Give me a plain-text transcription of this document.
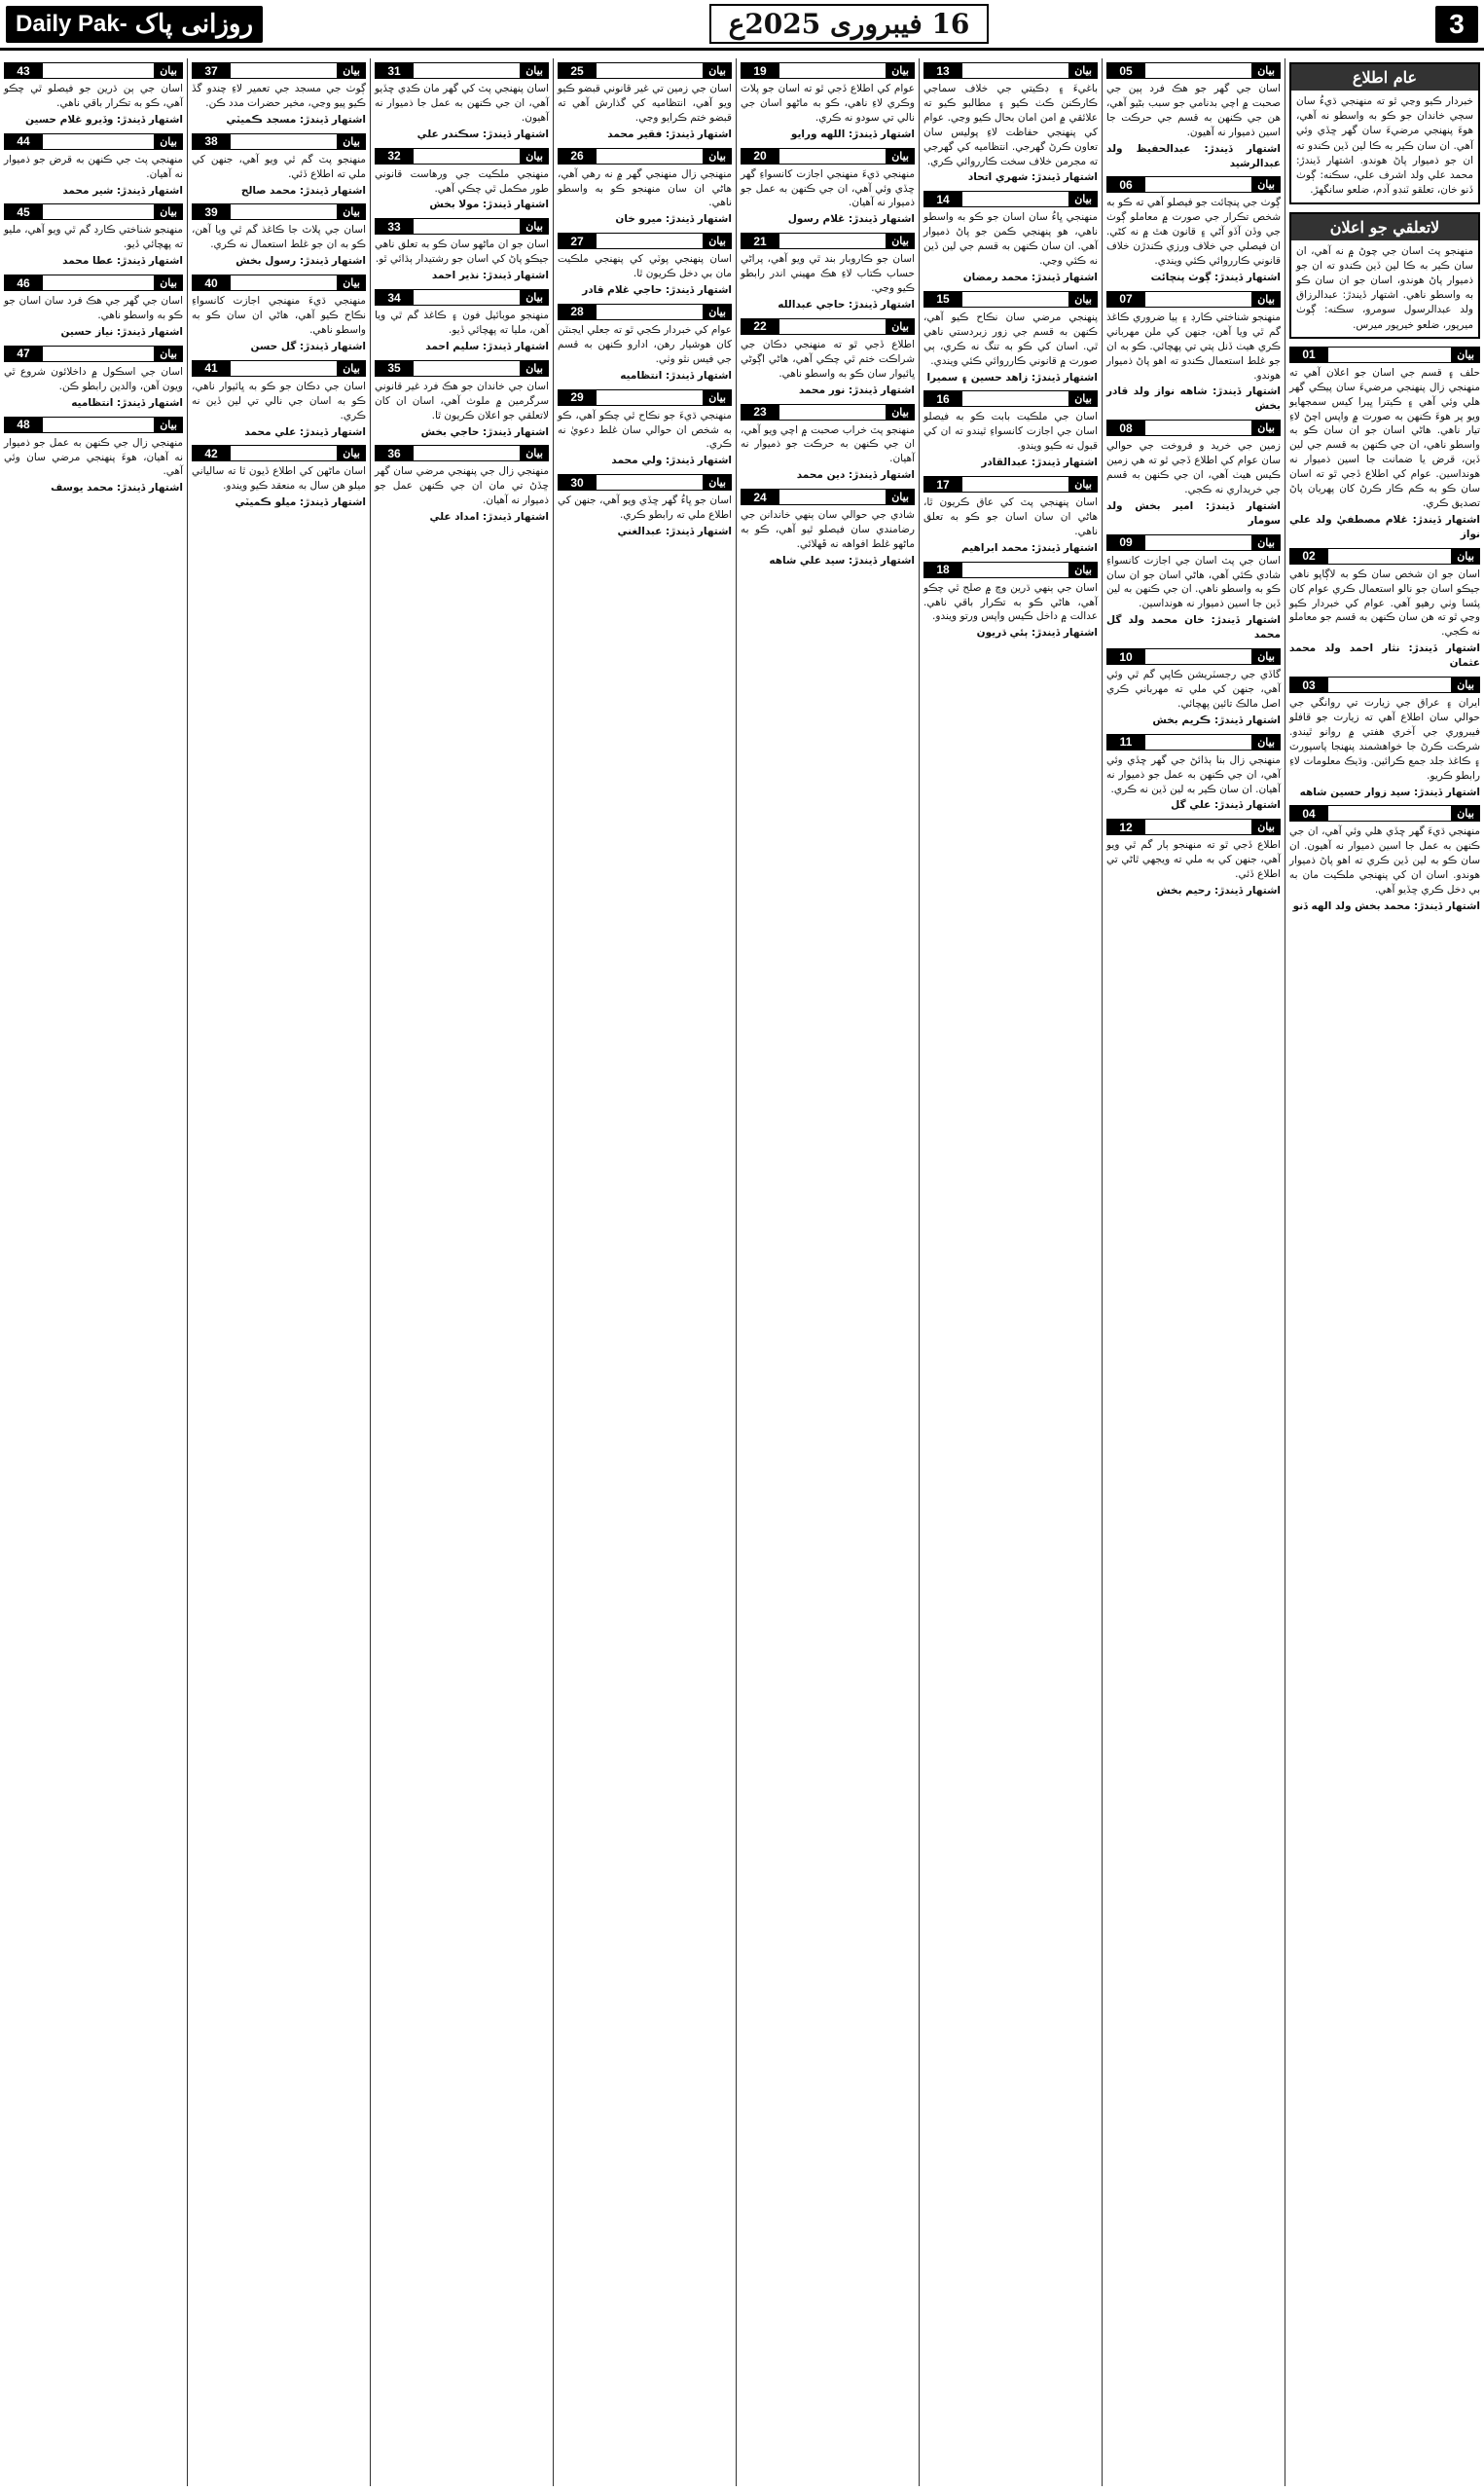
3
16 فیبروری 2025ع
Daily Pak- روزانی پاک
عام اطلاع
خبردار ڪيو وڃي ٿو ته منهنجي ڌيءُ سان سڄي خاندان جو ڪو به واسطو نه آهي، هوءَ پنهنجي مرضيءَ سان گهر ڇڏي وئي آهي. ان سان ڪير به ڪا لين ڏين ڪندو ته ان جو ذميوار پاڻ هوندو. اشتهار ڏيندڙ: محمد علي ولد اشرف علي، سڪنه: ڳوٺ ڏنو خان، تعلقو ٽنڊو آدم، ضلعو سانگهڙ.
لاتعلقي جو اعلان
منهنجو پٽ اسان جي چوڻ ۾ نه آهي، ان سان ڪير به ڪا لين ڏين ڪندو ته ان جو ذميوار پاڻ هوندو، اسان جو ان سان ڪو به واسطو ناهي. اشتهار ڏيندڙ: عبدالرزاق ولد عبدالرسول سومرو، سڪنه: ڳوٺ ميرپور، ضلعو خيرپور ميرس.
01	بيان

حلف ۽ قسم جي اسان جو اعلان آهي ته منهنجي زال پنهنجي مرضيءَ سان پيڪي گهر هلي وئي آهي ۽ ڪيترا ڀيرا کيس سمجهايو ويو پر هوءَ ڪنهن به صورت ۾ واپس اچڻ لاءِ تيار ناهي. هاڻي اسان جو ان سان ڪو به واسطو ناهي، ان جي ڪنهن به قسم جي لين ڏين، قرض يا ضمانت جا اسين ذميوار نه هونداسين. عوام کي اطلاع ڏجي ٿو ته اسان سان ڪو به ڪم ڪار ڪرڻ کان پهريان پاڻ تصديق ڪري.
اشتهار ڏيندڙ: غلام مصطفيٰ ولد علي نواز

02	بيان

اسان جو ان شخص سان ڪو به لاڳاپو ناهي جيڪو اسان جو نالو استعمال ڪري عوام کان پئسا وٺي رهيو آهي. عوام کي خبردار ڪيو وڃي ٿو ته هن سان ڪنهن به قسم جو معاملو نه ڪجي.
اشتهار ڏيندڙ: نثار احمد ولد محمد عثمان

03	بيان

ايران ۽ عراق جي زيارت تي روانگي جي حوالي سان اطلاع آهي ته زيارت جو قافلو فيبروري جي آخري هفتي ۾ روانو ٿيندو. شرڪت ڪرڻ جا خواهشمند پنهنجا پاسپورٽ ۽ ڪاغذ جلد جمع ڪرائين. وڌيڪ معلومات لاءِ رابطو ڪريو.
اشتهار ڏيندڙ: سيد زوار حسين شاهه

04	بيان

منهنجي ڌيءَ گهر ڇڏي هلي وئي آهي، ان جي ڪنهن به عمل جا اسين ذميوار نه آهيون. ان سان ڪو به لين ڏين ڪري ته اهو پاڻ ذميوار هوندو. اسان ان کي پنهنجي ملڪيت مان به بي دخل ڪري ڇڏيو آهي.
اشتهار ڏيندڙ: محمد بخش ولد الهه ڏنو

05	بيان

اسان جي گهر جو هڪ فرد ٻين جي صحبت ۾ اچي بدنامي جو سبب بڻيو آهي، هن جي ڪنهن به قسم جي حرڪت جا اسين ذميوار نه آهيون.
اشتهار ڏيندڙ: عبدالحفيظ ولد عبدالرشيد

06	بيان

ڳوٺ جي پنچائت جو فيصلو آهي ته ڪو به شخص تڪرار جي صورت ۾ معاملو ڳوٺ جي وڏن آڏو آڻي ۽ قانون هٿ ۾ نه کڻي. ان فيصلي جي خلاف ورزي ڪندڙن خلاف قانوني ڪارروائي ڪئي ويندي.
اشتهار ڏيندڙ: ڳوٺ پنچائت

07	بيان

منهنجو شناختي ڪارڊ ۽ ٻيا ضروري ڪاغذ گم ٿي ويا آهن، جنهن کي ملن مهرباني ڪري هيٺ ڏنل پتي تي پهچائي. ڪو به ان جو غلط استعمال ڪندو ته اهو پاڻ ذميوار هوندو.
اشتهار ڏيندڙ: شاهه نواز ولد قادر بخش

08	بيان

زمين جي خريد و فروخت جي حوالي سان عوام کي اطلاع ڏجي ٿو ته هي زمين ڪيس هيٺ آهي، ان جي ڪنهن به قسم جي خريداري نه ڪجي.
اشتهار ڏيندڙ: امير بخش ولد سومار

09	بيان

اسان جي پٽ اسان جي اجازت کانسواءِ شادي ڪئي آهي، هاڻي اسان جو ان سان ڪو به واسطو ناهي. ان جي ڪنهن به لين ڏين جا اسين ذميوار نه هونداسين.
اشتهار ڏيندڙ: خان محمد ولد گل محمد

10	بيان

گاڏي جي رجسٽريشن ڪاپي گم ٿي وئي آهي، جنهن کي ملي ته مهرباني ڪري اصل مالڪ تائين پهچائي.
اشتهار ڏيندڙ: ڪريم بخش

11	بيان

منهنجي زال بنا ٻڌائڻ جي گهر ڇڏي وئي آهي، ان جي ڪنهن به عمل جو ذميوار نه آهيان. ان سان ڪير به لين ڏين نه ڪري.
اشتهار ڏيندڙ: علي گل

12	بيان

اطلاع ڏجي ٿو ته منهنجو ٻار گم ٿي ويو آهي، جنهن کي به ملي ته ويجهي ٿاڻي تي اطلاع ڏئي.
اشتهار ڏيندڙ: رحيم بخش

13	بيان

باغيءَ ۽ ڊڪيتي جي خلاف سماجي ڪارڪنن ڪٺ ڪيو ۽ مطالبو ڪيو ته علائقي ۾ امن امان بحال ڪيو وڃي. عوام کي پنهنجي حفاظت لاءِ پوليس سان تعاون ڪرڻ گهرجي. انتظاميه کي گهرجي ته مجرمن خلاف سخت ڪارروائي ڪري.
اشتهار ڏيندڙ: شهري اتحاد

14	بيان

منهنجي ڀاءُ سان اسان جو ڪو به واسطو ناهي، هو پنهنجي ڪمن جو پاڻ ذميوار آهي. ان سان ڪنهن به قسم جي لين ڏين نه ڪئي وڃي.
اشتهار ڏيندڙ: محمد رمضان

15	بيان

پنهنجي مرضي سان نڪاح ڪيو آهي، ڪنهن به قسم جي زور زبردستي ناهي ٿي. اسان کي ڪو به تنگ نه ڪري، ٻي صورت ۾ قانوني ڪارروائي ڪئي ويندي.
اشتهار ڏيندڙ: زاهد حسين ۽ سميرا

16	بيان

اسان جي ملڪيت بابت ڪو به فيصلو اسان جي اجازت کانسواءِ ٿيندو ته ان کي قبول نه ڪيو ويندو.
اشتهار ڏيندڙ: عبدالقادر

17	بيان

اسان پنهنجي پٽ کي عاق ڪريون ٿا، هاڻي ان سان اسان جو ڪو به تعلق ناهي.
اشتهار ڏيندڙ: محمد ابراهيم

18	بيان

اسان جي ٻنهي ڌرين وچ ۾ صلح ٿي چڪو آهي، هاڻي ڪو به تڪرار باقي ناهي. عدالت ۾ داخل ڪيس واپس ورتو ويندو.
اشتهار ڏيندڙ: ٻئي ڌريون

19	بيان

عوام کي اطلاع ڏجي ٿو ته اسان جو پلاٽ وڪري لاءِ ناهي، ڪو به ماڻهو اسان جي نالي تي سودو نه ڪري.
اشتهار ڏيندڙ: اللهه ورايو

20	بيان

منهنجي ڌيءَ منهنجي اجازت کانسواءِ گهر ڇڏي وئي آهي، ان جي ڪنهن به عمل جو ذميوار نه آهيان.
اشتهار ڏيندڙ: غلام رسول

21	بيان

اسان جو ڪاروبار بند ٿي ويو آهي، پراڻي حساب ڪتاب لاءِ هڪ مهيني اندر رابطو ڪيو وڃي.
اشتهار ڏيندڙ: حاجي عبدالله

22	بيان

اطلاع ڏجي ٿو ته منهنجي دڪان جي شراڪت ختم ٿي چڪي آهي، هاڻي اڳوڻي ڀائيوار سان ڪو به واسطو ناهي.
اشتهار ڏيندڙ: نور محمد

23	بيان

منهنجو پٽ خراب صحبت ۾ اچي ويو آهي، ان جي ڪنهن به حرڪت جو ذميوار نه آهيان.
اشتهار ڏيندڙ: دين محمد

24	بيان

شادي جي حوالي سان ٻنهي خاندانن جي رضامندي سان فيصلو ٿيو آهي، ڪو به ماڻهو غلط افواهه نه ڦهلائي.
اشتهار ڏيندڙ: سيد علي شاهه

25	بيان

اسان جي زمين تي غير قانوني قبضو ڪيو ويو آهي، انتظاميه کي گذارش آهي ته قبضو ختم ڪرايو وڃي.
اشتهار ڏيندڙ: فقير محمد

26	بيان

منهنجي زال منهنجي گهر ۾ نه رهي آهي، هاڻي ان سان منهنجو ڪو به واسطو ناهي.
اشتهار ڏيندڙ: ميرو خان

27	بيان

اسان پنهنجي پوٽي کي پنهنجي ملڪيت مان بي دخل ڪريون ٿا.
اشتهار ڏيندڙ: حاجي غلام قادر

28	بيان

عوام کي خبردار ڪجي ٿو ته جعلي ايجنٽن کان هوشيار رهن، ادارو ڪنهن به قسم جي فيس نٿو وٺي.
اشتهار ڏيندڙ: انتظاميه

29	بيان

منهنجي ڌيءَ جو نڪاح ٿي چڪو آهي، ڪو به شخص ان حوالي سان غلط دعويٰ نه ڪري.
اشتهار ڏيندڙ: ولي محمد

30	بيان

اسان جو ڀاءُ گهر ڇڏي ويو آهي، جنهن کي اطلاع ملي ته رابطو ڪري.
اشتهار ڏيندڙ: عبدالغني

31	بيان

اسان پنهنجي پٽ کي گهر مان ڪڍي ڇڏيو آهي، ان جي ڪنهن به عمل جا ذميوار نه آهيون.
اشتهار ڏيندڙ: سڪندر علي

32	بيان

منهنجي ملڪيت جي ورهاست قانوني طور مڪمل ٿي چڪي آهي.
اشتهار ڏيندڙ: مولا بخش

33	بيان

اسان جو ان ماڻهو سان ڪو به تعلق ناهي جيڪو پاڻ کي اسان جو رشتيدار ٻڌائي ٿو.
اشتهار ڏيندڙ: نذير احمد

34	بيان

منهنجو موبائيل فون ۽ ڪاغذ گم ٿي ويا آهن، مليا ته پهچائي ڏيو.
اشتهار ڏيندڙ: سليم احمد

35	بيان

اسان جي خاندان جو هڪ فرد غير قانوني سرگرمين ۾ ملوث آهي، اسان ان کان لاتعلقي جو اعلان ڪريون ٿا.
اشتهار ڏيندڙ: حاجي بخش

36	بيان

منهنجي زال جي پنهنجي مرضي سان گهر ڇڏڻ تي مان ان جي ڪنهن عمل جو ذميوار نه آهيان.
اشتهار ڏيندڙ: امداد علي

37	بيان

ڳوٺ جي مسجد جي تعمير لاءِ چندو گڏ ڪيو پيو وڃي، مخير حضرات مدد ڪن.
اشتهار ڏيندڙ: مسجد ڪميٽي

38	بيان

منهنجو پٽ گم ٿي ويو آهي، جنهن کي ملي ته اطلاع ڏئي.
اشتهار ڏيندڙ: محمد صالح

39	بيان

اسان جي پلاٽ جا ڪاغذ گم ٿي ويا آهن، ڪو به ان جو غلط استعمال نه ڪري.
اشتهار ڏيندڙ: رسول بخش

40	بيان

منهنجي ڌيءَ منهنجي اجازت کانسواءِ نڪاح ڪيو آهي، هاڻي ان سان ڪو به واسطو ناهي.
اشتهار ڏيندڙ: گل حسن

41	بيان

اسان جي دڪان جو ڪو به ڀائيوار ناهي، ڪو به اسان جي نالي تي لين ڏين نه ڪري.
اشتهار ڏيندڙ: علي محمد

42	بيان

اسان ماڻهن کي اطلاع ڏيون ٿا ته سالياني ميلو هن سال به منعقد ڪيو ويندو.
اشتهار ڏيندڙ: ميلو ڪميٽي

43	بيان

اسان جي ٻن ڌرين جو فيصلو ٿي چڪو آهي، ڪو به تڪرار باقي ناهي.
اشتهار ڏيندڙ: وڏيرو غلام حسين

44	بيان

منهنجي پٽ جي ڪنهن به قرض جو ذميوار نه آهيان.
اشتهار ڏيندڙ: شير محمد

45	بيان

منهنجو شناختي ڪارڊ گم ٿي ويو آهي، مليو ته پهچائي ڏيو.
اشتهار ڏيندڙ: عطا محمد

46	بيان

اسان جي گهر جي هڪ فرد سان اسان جو ڪو به واسطو ناهي.
اشتهار ڏيندڙ: نياز حسين

47	بيان

اسان جي اسڪول ۾ داخلائون شروع ٿي ويون آهن، والدين رابطو ڪن.
اشتهار ڏيندڙ: انتظاميه

48	بيان

منهنجي زال جي ڪنهن به عمل جو ذميوار نه آهيان، هوءَ پنهنجي مرضي سان وئي آهي.
اشتهار ڏيندڙ: محمد يوسف
